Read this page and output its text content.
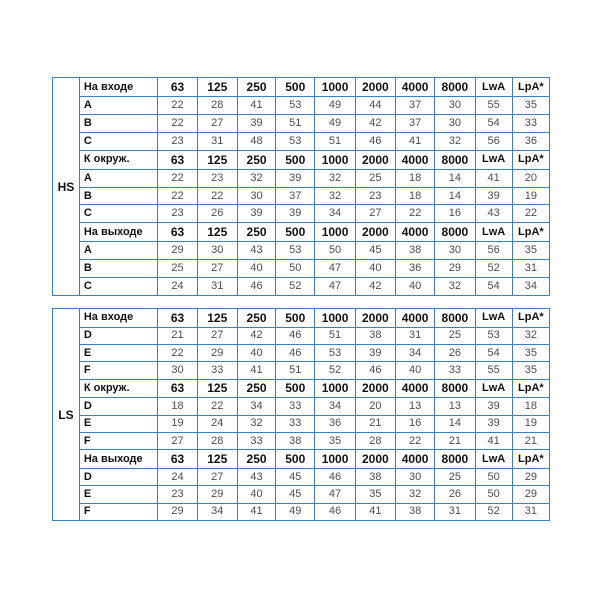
HS	На входе	63	125	250	500	1000	2000	4000	8000	LwA	LpA*
	A	22	28	41	53	49	44	37	30	55	35
	B	22	27	39	51	49	42	37	30	54	33
	C	23	31	48	53	51	46	41	32	56	36
	К окруж.	63	125	250	500	1000	2000	4000	8000	LwA	LpA*
	A	22	23	32	39	32	25	18	14	41	20
	B	22	22	30	37	32	23	18	14	39	19
	C	23	26	39	39	34	27	22	16	43	22
	На выходе	63	125	250	500	1000	2000	4000	8000	LwA	LpA*
	A	29	30	43	53	50	45	38	30	56	35
	B	25	27	40	50	47	40	36	29	52	31
	C	24	31	46	52	47	42	40	32	54	34
LS	На входе	63	125	250	500	1000	2000	4000	8000	LwA	LpA*
	D	21	27	42	46	51	38	31	25	53	32
	E	22	29	40	46	53	39	34	26	54	35
	F	30	33	41	51	52	46	40	33	55	35
	К окруж.	63	125	250	500	1000	2000	4000	8000	LwA	LpA*
	D	18	22	34	33	34	20	13	13	39	18
	E	19	24	32	33	36	21	16	14	39	19
	F	27	28	33	38	35	28	22	21	41	21
	На выходе	63	125	250	500	1000	2000	4000	8000	LwA	LpA*
	D	24	27	43	45	46	38	30	25	50	29
	E	23	29	40	45	47	35	32	26	50	29
	F	29	34	41	49	46	41	38	31	52	31
